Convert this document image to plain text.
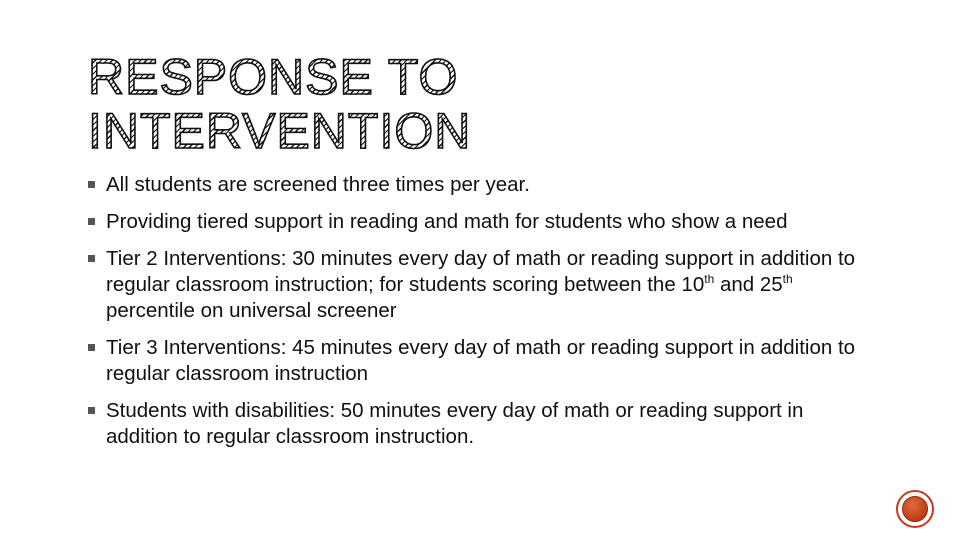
RESPONSE TO
INTERVENTION
All students are screened three times per year.
Providing tiered support in reading and math for students who show a need
Tier 2 Interventions: 30 minutes every day of math or reading support in addition to regular classroom instruction; for students scoring between the 10th and 25th percentile on universal screener
Tier 3 Interventions: 45 minutes every day of math or reading support in addition to regular classroom instruction
Students with disabilities: 50 minutes every day of math or reading support in addition to regular classroom instruction.
